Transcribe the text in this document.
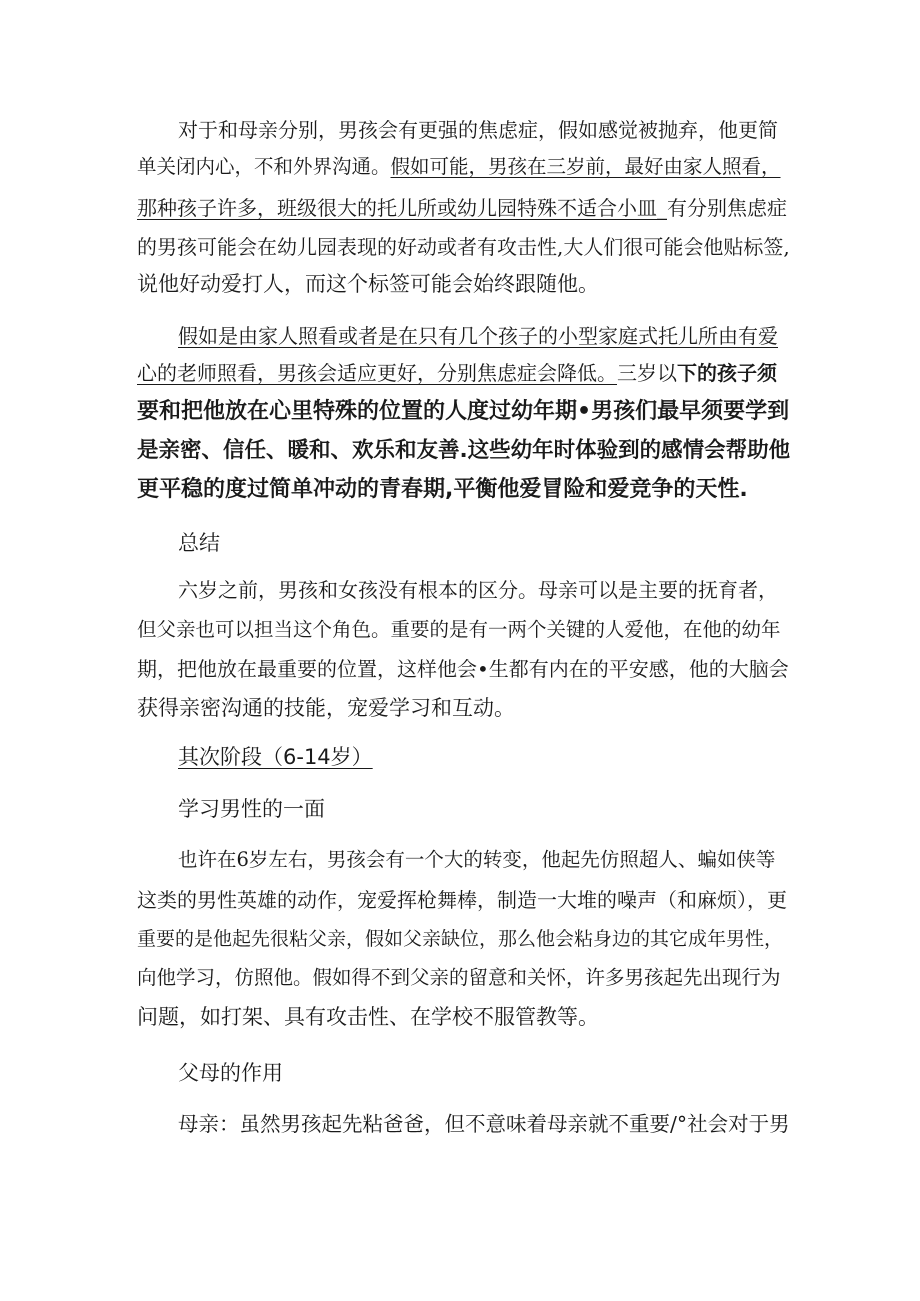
对于和母亲分别，男孩会有更强的焦虑症，假如感觉被抛弃，他更简
单关闭内心，不和外界沟通。假如可能，男孩在三岁前，最好由家人照看，
那种孩子许多，班级很大的托儿所或幼儿园特殊不适合小皿_有分别焦虑症
的男孩可能会在幼儿园表现的好动或者有攻击性,大人们很可能会他贴标签,
说他好动爱打人，而这个标签可能会始终跟随他。
假如是由家人照看或者是在只有几个孩子的小型家庭式托儿所由有爱
心的老师照看，男孩会适应更好，分别焦虑症会降低。三岁以下的孩子须
要和把他放在心里特殊的位置的人度过幼年期•男孩们最早须要学到
是亲密、信任、暖和、欢乐和友善.这些幼年时体验到的感情会帮助他
更平稳的度过简单冲动的青春期,平衡他爱冒险和爱竞争的天性.
总结
六岁之前，男孩和女孩没有根本的区分。母亲可以是主要的抚育者，
但父亲也可以担当这个角色。重要的是有一两个关键的人爱他，在他的幼年
期，把他放在最重要的位置，这样他会•生都有内在的平安感，他的大脑会
获得亲密沟通的技能，宠爱学习和互动。
其次阶段（6-14岁）
学习男性的一面
也许在6岁左右，男孩会有一个大的转变，他起先仿照超人、蝙如侠等
这类的男性英雄的动作，宠爱挥枪舞棒，制造一大堆的噪声（和麻烦），更
重要的是他起先很粘父亲，假如父亲缺位，那么他会粘身边的其它成年男性，
向他学习，仿照他。假如得不到父亲的留意和关怀，许多男孩起先出现行为
问题，如打架、具有攻击性、在学校不服管教等。
父母的作用
母亲：虽然男孩起先粘爸爸，但不意味着母亲就不重要/°社会对于男
